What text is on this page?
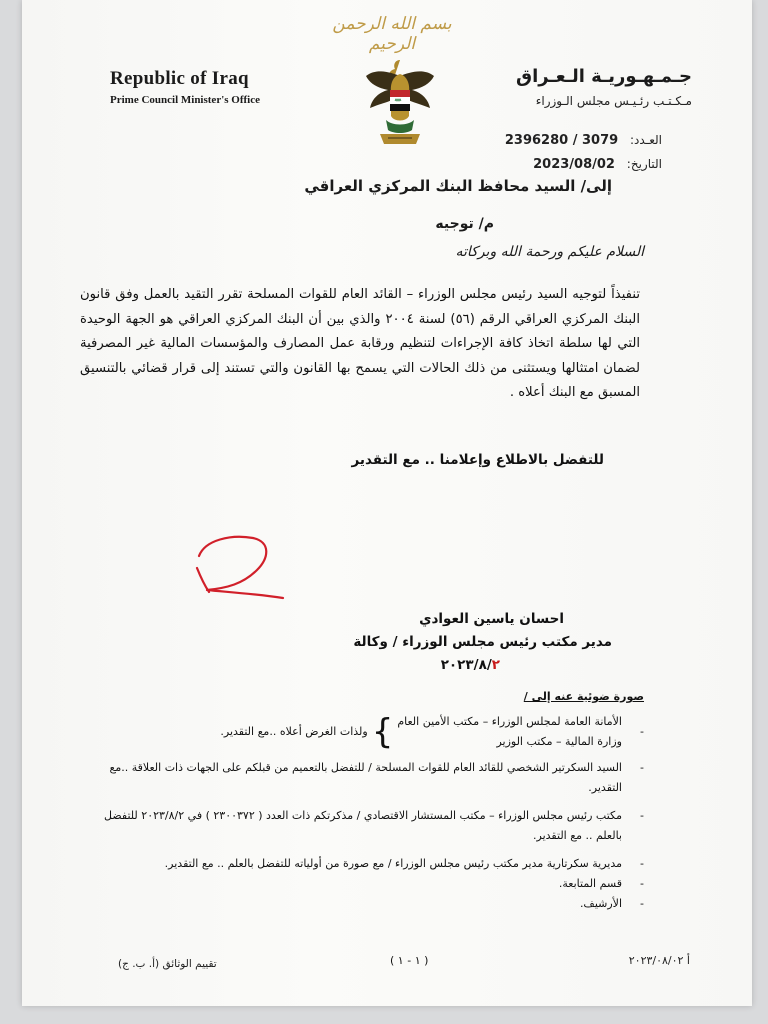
بسم الله الرحمن الرحيم
Republic of Iraq
Prime Council Minister's Office
جـمـهـوريـة الـعـراق
مـكـتـب رئـيـس مجلس الـوزراء
العـدد: 2396280 / 3079
التاريخ: 2023/08/02
إلى/ السيد محافظ البنك المركزي العراقي
م/ توجيه
السلام عليكم ورحمة الله وبركاته
تنفيذاً لتوجيه السيد رئيس مجلس الوزراء – القائد العام للقوات المسلحة تقرر التقيد بالعمل وفق قانون البنك المركزي العراقي الرقم (٥٦) لسنة ٢٠٠٤ والذي بين أن البنك المركزي العراقي هو الجهة الوحيدة التي لها سلطة اتخاذ كافة الإجراءات لتنظيم ورقابة عمل المصارف والمؤسسات المالية غير المصرفية لضمان امتثالها ويستثنى من ذلك الحالات التي يسمح بها القانون والتي تستند إلى قرار قضائي بالتنسيق المسبق مع البنك أعلاه .
للتفضل بالاطلاع وإعلامنا .. مع التقدير
احسان ياسين العوادي
مدير مكتب رئيس مجلس الوزراء / وكالة
٢٠٢٣/٨/٢
صورة ضوئية عنه إلى /
- الأمانة العامة لمجلس الوزراء – مكتب الأمين العام
وزارة المالية – مكتب الوزير
}
ولذات الغرض أعلاه ..مع التقدير.
- السيد السكرتير الشخصي للقائد العام للقوات المسلحة / للتفضل بالتعميم من قبلكم على الجهات ذات العلاقة ..مع التقدير.
- مكتب رئيس مجلس الوزراء – مكتب المستشار الاقتصادي / مذكرتكم ذات العدد ( ٢٣٠٠٣٧٢ ) في ٢٠٢٣/٨/٢ للتفضل بالعلم .. مع التقدير.
- مديرية سكرتارية مدير مكتب رئيس مجلس الوزراء / مع صورة من أولياته للتفضل بالعلم .. مع التقدير.
- قسم المتابعة.
- الأرشيف.
تقييم الوثائق (أ. ب. ج)	( ١ - ١ )	أ ٢٠٢٣/٠٨/٠٢
